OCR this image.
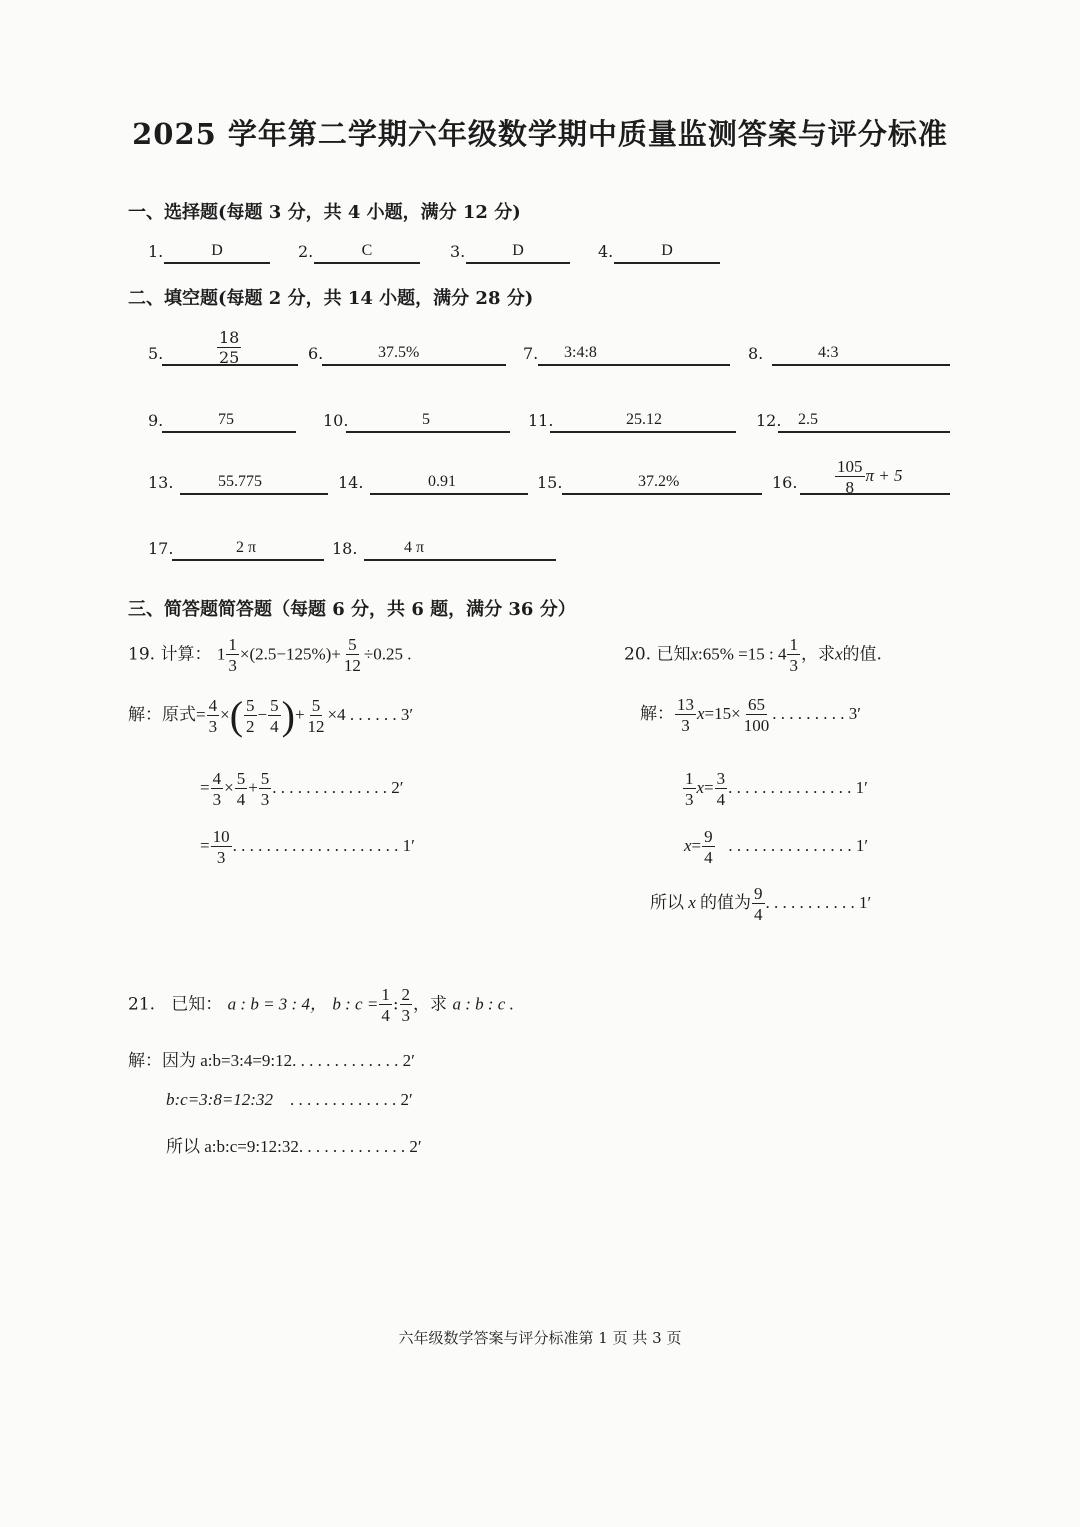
2025 学年第二学期六年级数学期中质量监测答案与评分标准
一、选择题(每题 3 分，共 4 小题，满分 12 分)
1.	D	2.	C	3.	D	4.	D
二、填空题(每题 2 分，共 14 小题，满分 28 分)
5.	$\frac{18}{25}$	6.	37.5%	7.	3:4:8	8.	4:3
9.	75	10.	5	11.	25.12	12.	2.5
13.	55.775	14.	0.91	15.	37.2%	16. $\frac{105}{8}$ π + 5
17.	2 π	18.	4 π
三、简答题简答题（每题 6 分，共 6 题，满分 36 分）
19. 计算： $1 \frac{1}{3} \times(2.5-125\%)+ \frac{5}{12} \div 0.25$ .
解：原式= $\frac{4}{3}$ ×( $\frac{5}{2} - \frac{5}{4}$ )+ $\frac{5}{12} \times 4$ . . . . . . 3′
= $\frac{4}{3} \times \frac{5}{4} + \frac{5}{3}$ . . . . . . . . . . . . . . 2′
= $\frac{10}{3}$ . . . . . . . . . . . . . . . . . . . . 1′
20. 已知x:65% =15 : $4 \frac{1}{3}$ ，求x的值.
解： $\frac{13}{3} x=15\times \frac{65}{100}$ . . . . . . . . . 3′
$\frac{1}{3} x= \frac{3}{4}$ . . . . . . . . . . . . . . . 1′
$x= \frac{9}{4}$ . . . . . . . . . . . . . . . 1′
所以 x 的值为 $\frac{9}{4}$ . . . . . . . . . . . 1′
21. 已知： a : b = 3 : 4， b : $c = \frac{1}{4}$ : $\frac{2}{3}$ ，求 a : b : c .
解：因为 a:b=3:4=9:12. . . . . . . . . . . . . 2′
b:c=3:8=12:32 . . . . . . . . . . . . . 2′
所以 a:b:c=9:12:32. . . . . . . . . . . . . 2′
六年级数学答案与评分标准第 1 页 共 3 页
